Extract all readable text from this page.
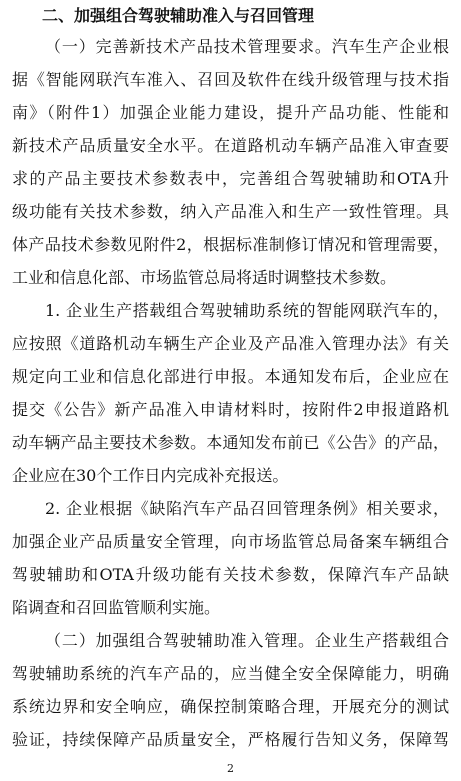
二、加强组合驾驶辅助准入与召回管理
（一）完善新技术产品技术管理要求。汽车生产企业根
据《智能网联汽车准入、召回及软件在线升级管理与技术指
南》（附件1）加强企业能力建设，提升产品功能、性能和
新技术产品质量安全水平。在道路机动车辆产品准入审查要
求的产品主要技术参数表中，完善组合驾驶辅助和OTA升
级功能有关技术参数，纳入产品准入和生产一致性管理。具
体产品技术参数见附件2，根据标准制修订情况和管理需要，
工业和信息化部、市场监管总局将适时调整技术参数。
1. 企业生产搭载组合驾驶辅助系统的智能网联汽车的，
应按照《道路机动车辆生产企业及产品准入管理办法》有关
规定向工业和信息化部进行申报。本通知发布后，企业应在
提交《公告》新产品准入申请材料时，按附件2申报道路机
动车辆产品主要技术参数。本通知发布前已《公告》的产品，
企业应在30个工作日内完成补充报送。
2. 企业根据《缺陷汽车产品召回管理条例》相关要求，
加强企业产品质量安全管理，向市场监管总局备案车辆组合
驾驶辅助和OTA升级功能有关技术参数，保障汽车产品缺
陷调查和召回监管顺利实施。
（二）加强组合驾驶辅助准入管理。企业生产搭载组合
驾驶辅助系统的汽车产品的，应当健全安全保障能力，明确
系统边界和安全响应，确保控制策略合理，开展充分的测试
验证，持续保障产品质量安全，严格履行告知义务，保障驾
2
